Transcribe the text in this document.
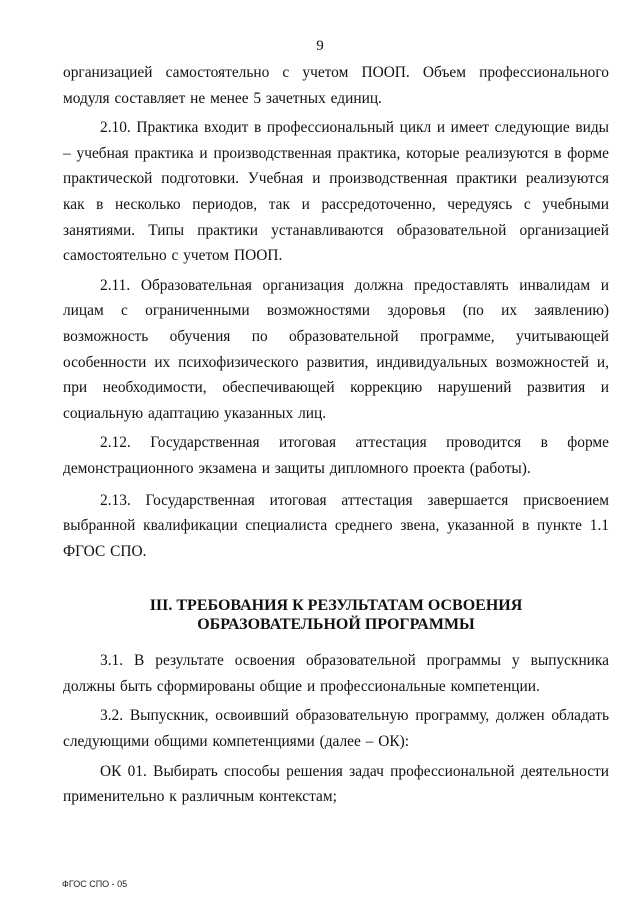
9

организацией самостоятельно с учетом ПООП. Объем профессионального модуля составляет не менее 5 зачетных единиц.

2.10. Практика входит в профессиональный цикл и имеет следующие виды – учебная практика и производственная практика, которые реализуются в форме практической подготовки. Учебная и производственная практики реализуются как в несколько периодов, так и рассредоточенно, чередуясь с учебными занятиями. Типы практики устанавливаются образовательной организацией самостоятельно с учетом ПООП.

2.11. Образовательная организация должна предоставлять инвалидам и лицам с ограниченными возможностями здоровья (по их заявлению) возможность обучения по образовательной программе, учитывающей особенности их психофизического развития, индивидуальных возможностей и, при необходимости, обеспечивающей коррекцию нарушений развития и социальную адаптацию указанных лиц.

2.12. Государственная итоговая аттестация проводится в форме демонстрационного экзамена и защиты дипломного проекта (работы).

2.13. Государственная итоговая аттестация завершается присвоением выбранной квалификации специалиста среднего звена, указанной в пункте 1.1 ФГОС СПО.

III. ТРЕБОВАНИЯ К РЕЗУЛЬТАТАМ ОСВОЕНИЯ ОБРАЗОВАТЕЛЬНОЙ ПРОГРАММЫ

3.1. В результате освоения образовательной программы у выпускника должны быть сформированы общие и профессиональные компетенции.

3.2. Выпускник, освоивший образовательную программу, должен обладать следующими общими компетенциями (далее – ОК):

ОК 01. Выбирать способы решения задач профессиональной деятельности применительно к различным контекстам;

ФГОС СПО - 05
